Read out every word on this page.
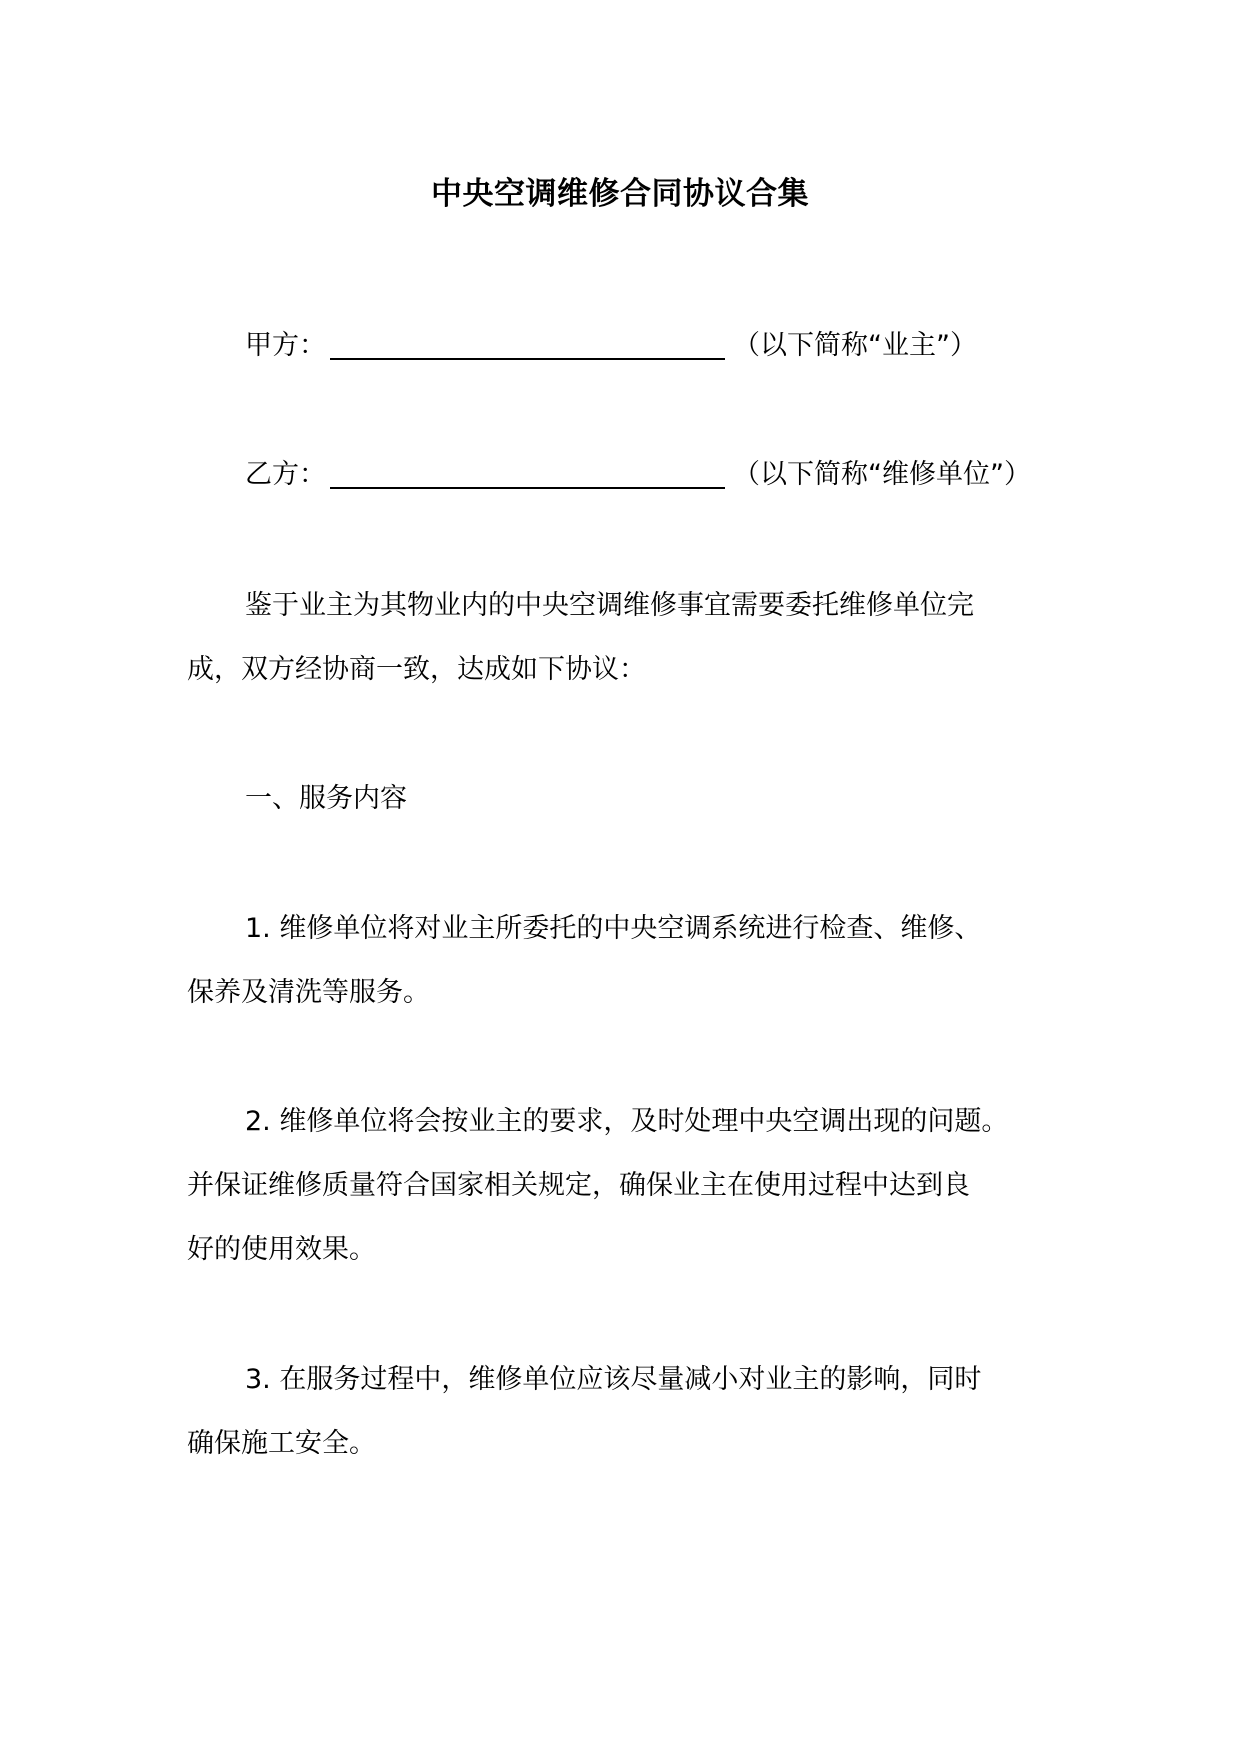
中央空调维修合同协议合集
甲方：	（以下简称“业主”）
乙方：	（以下简称“维修单位”）
鉴于业主为其物业内的中央空调维修事宜需要委托维修单位完
成，双方经协商一致，达成如下协议：
一、服务内容
1. 维修单位将对业主所委托的中央空调系统进行检查、维修、
保养及清洗等服务。
2. 维修单位将会按业主的要求，及时处理中央空调出现的问题。
并保证维修质量符合国家相关规定，确保业主在使用过程中达到良
好的使用效果。
3. 在服务过程中，维修单位应该尽量减小对业主的影响，同时
确保施工安全。
